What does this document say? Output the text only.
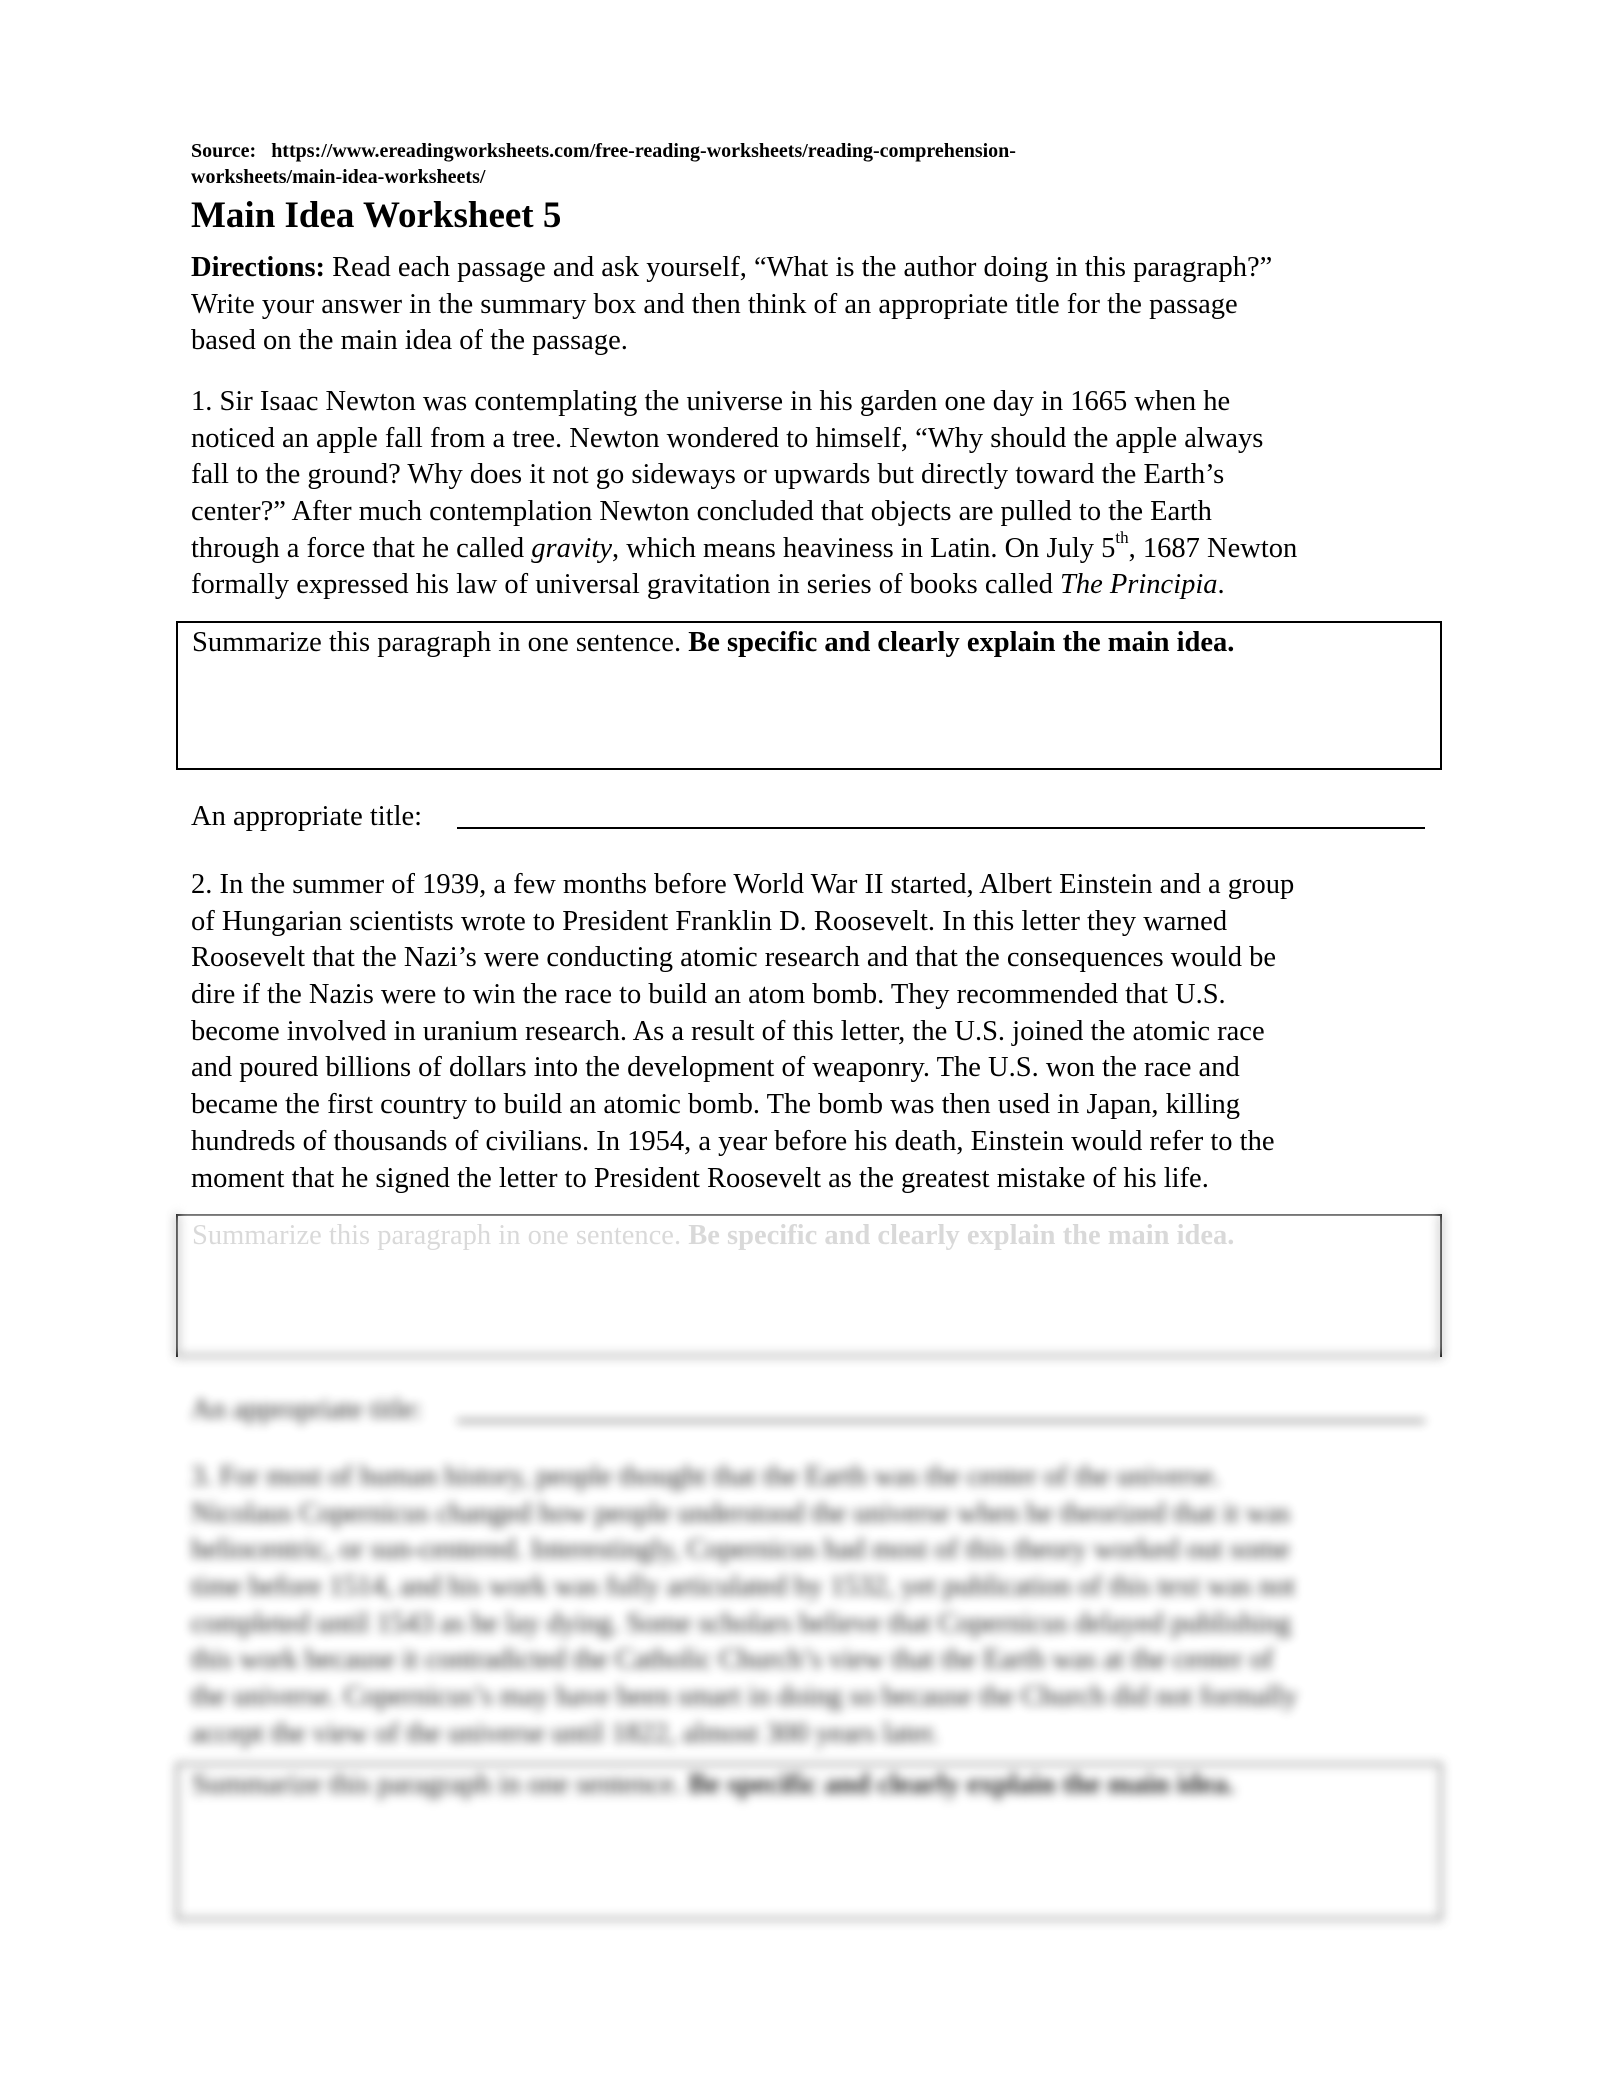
Source: https://www.ereadingworksheets.com/free-reading-worksheets/reading-comprehension-
worksheets/main-idea-worksheets/
Main Idea Worksheet 5
Directions: Read each passage and ask yourself, “What is the author doing in this paragraph?”
Write your answer in the summary box and then think of an appropriate title for the passage
based on the main idea of the passage.
1. Sir Isaac Newton was contemplating the universe in his garden one day in 1665 when he
noticed an apple fall from a tree. Newton wondered to himself, “Why should the apple always
fall to the ground? Why does it not go sideways or upwards but directly toward the Earth’s
center?” After much contemplation Newton concluded that objects are pulled to the Earth
through a force that he called gravity, which means heaviness in Latin. On July 5th, 1687 Newton
formally expressed his law of universal gravitation in series of books called The Principia.
Summarize this paragraph in one sentence. Be specific and clearly explain the main idea.
An appropriate title:
2. In the summer of 1939, a few months before World War II started, Albert Einstein and a group
of Hungarian scientists wrote to President Franklin D. Roosevelt. In this letter they warned
Roosevelt that the Nazi’s were conducting atomic research and that the consequences would be
dire if the Nazis were to win the race to build an atom bomb. They recommended that U.S.
become involved in uranium research. As a result of this letter, the U.S. joined the atomic race
and poured billions of dollars into the development of weaponry. The U.S. won the race and
became the first country to build an atomic bomb. The bomb was then used in Japan, killing
hundreds of thousands of civilians. In 1954, a year before his death, Einstein would refer to the
moment that he signed the letter to President Roosevelt as the greatest mistake of his life.
An appropriate title:
3. For most of human history, people thought that the Earth was the center of the universe.
Nicolaus Copernicus changed how people understood the universe when he theorized that it was
heliocentric, or sun-centered. Interestingly, Copernicus had most of this theory worked out some
time before 1514, and his work was fully articulated by 1532, yet publication of this text was not
completed until 1543 as he lay dying. Some scholars believe that Copernicus delayed publishing
this work because it contradicted the Catholic Church’s view that the Earth was at the center of
the universe. Copernicus’s may have been smart in doing so because the Church did not formally
accept the view of the universe until 1822, almost 300 years later.
Summarize this paragraph in one sentence. Be specific and clearly explain the main idea.
